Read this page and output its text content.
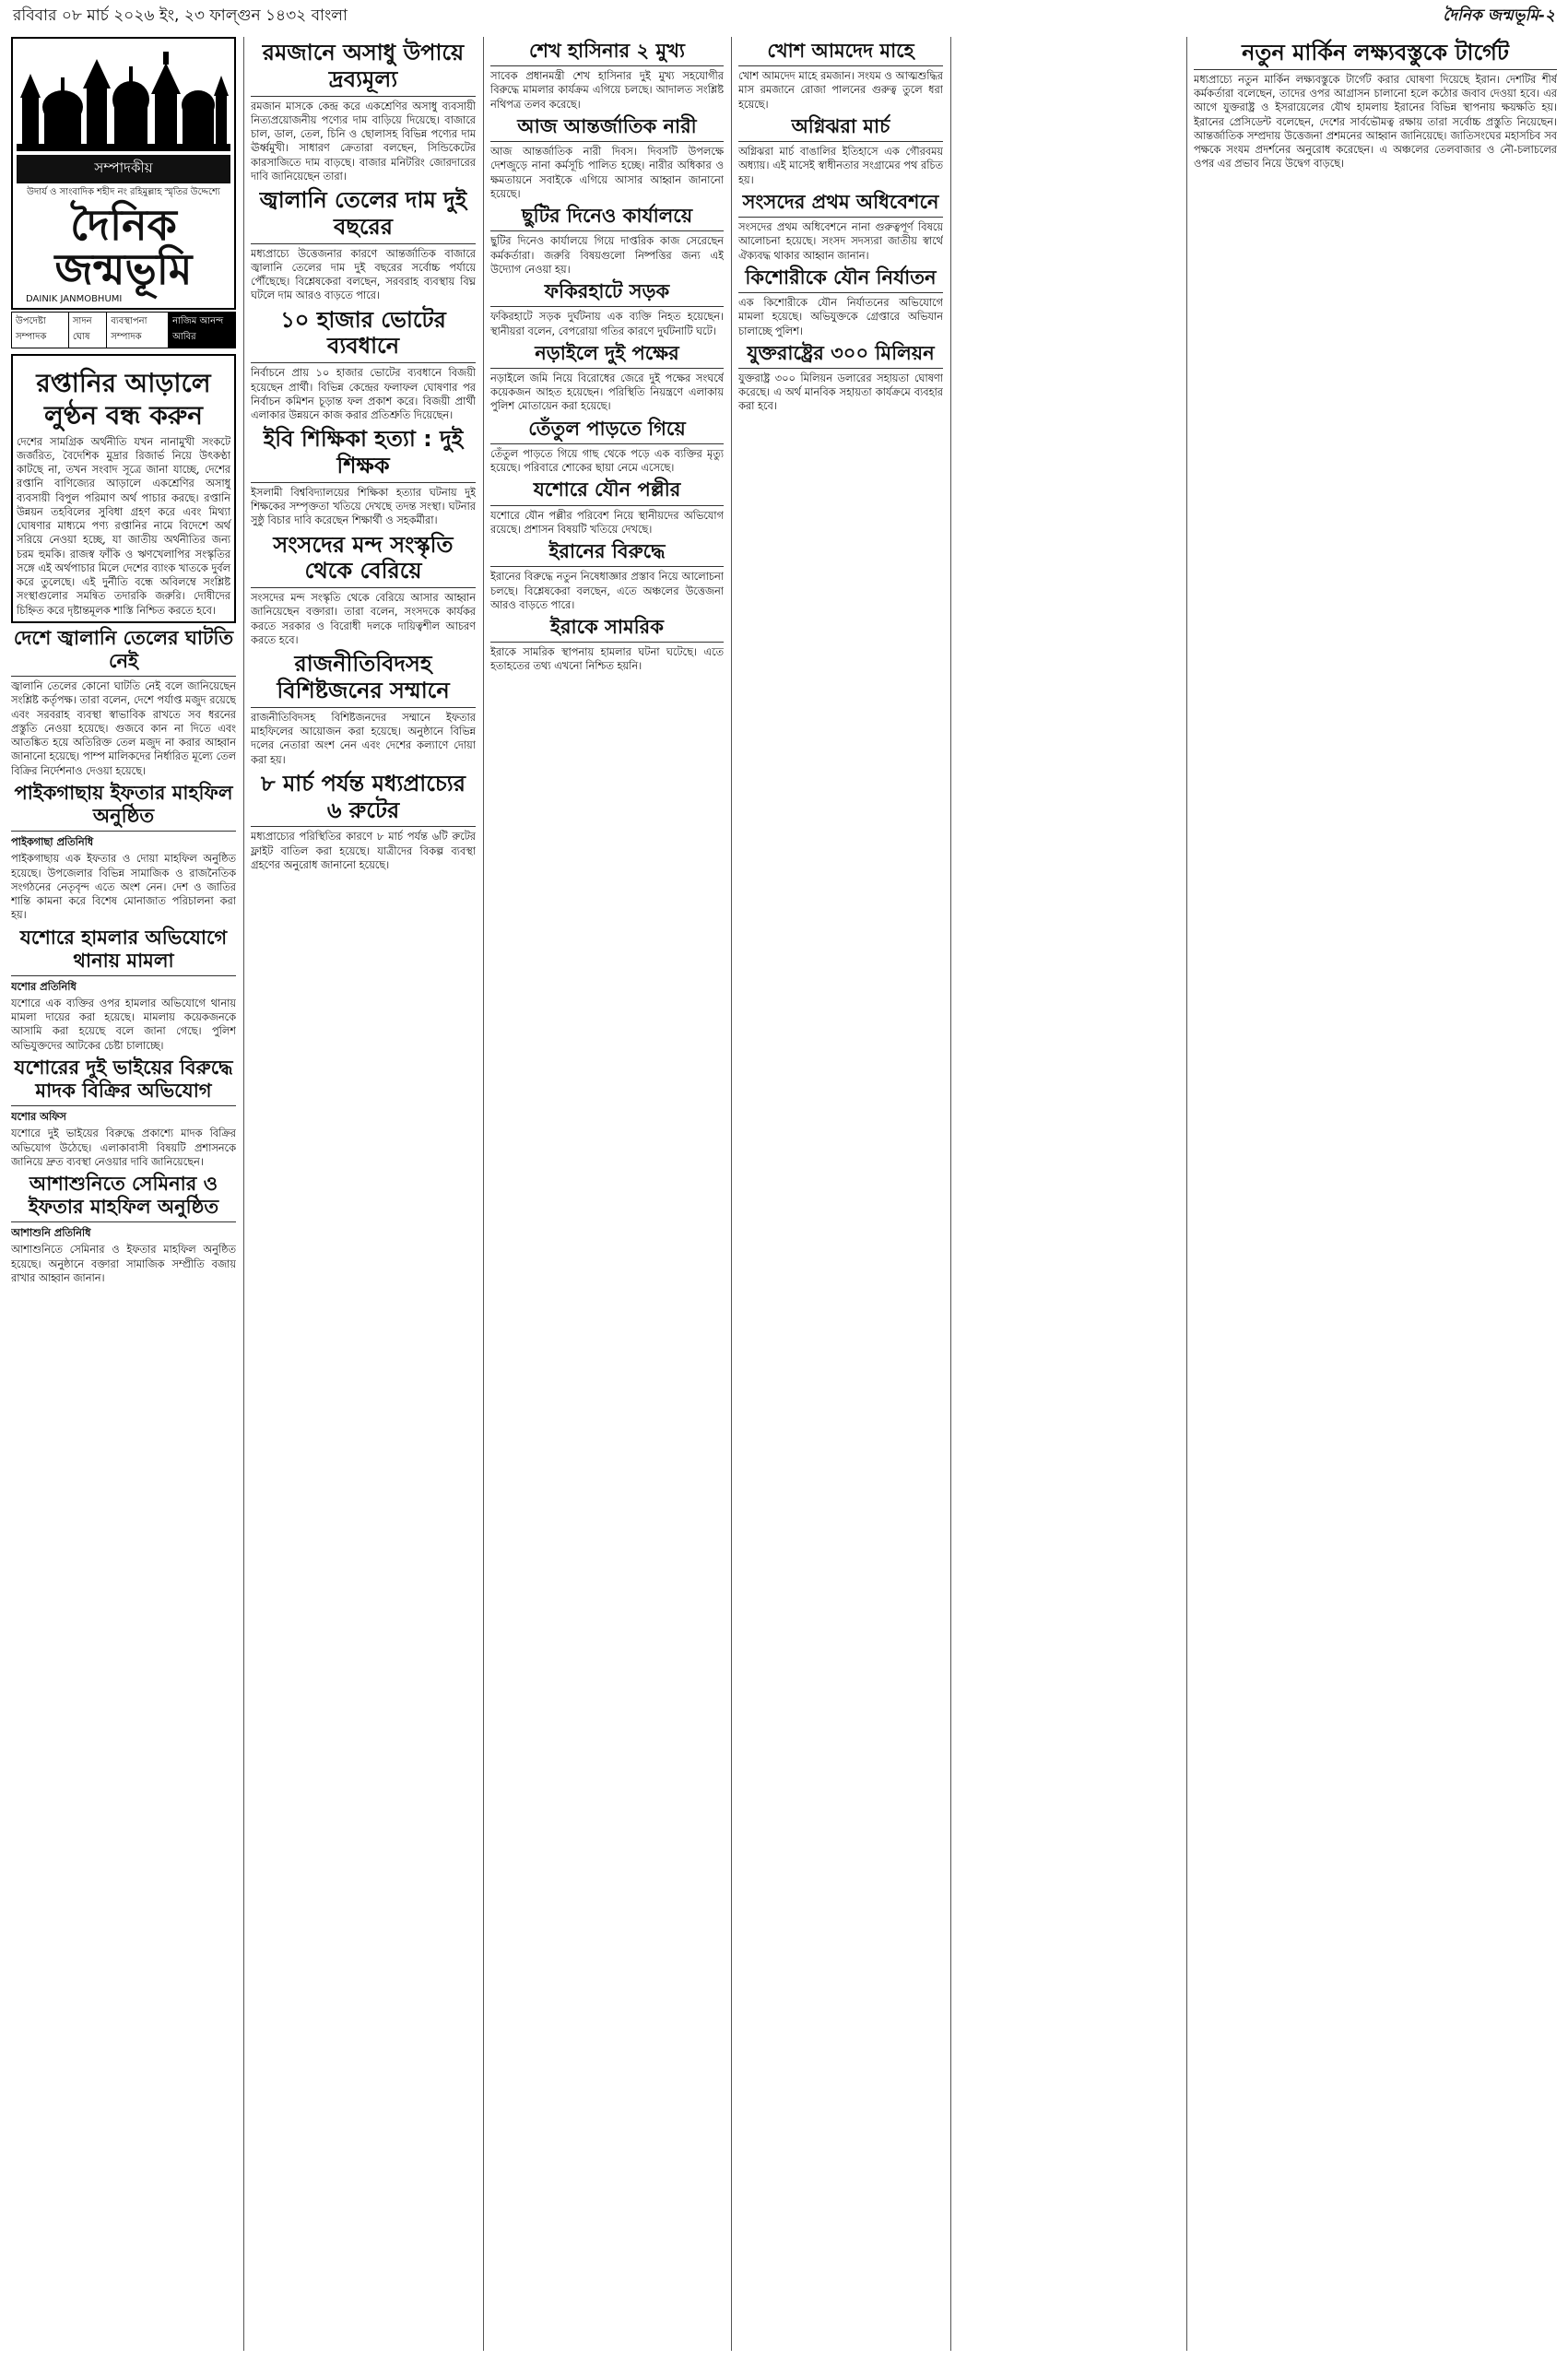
রবিবার ০৮ মার্চ ২০২৬ ইং, ২৩ ফাল্গুন ১৪৩২ বাংলা	দৈনিক জন্মভূমি-২
সম্পাদকীয়
উদার্য ও সাংবাদিক শহীদ নং রহিমুল্লাহ স্মৃতির উদ্দেশ্যে
দৈনিক জন্মভূমি
DAINIK JANMOBHUMI
উপদেষ্টা সম্পাদক
সাদন ঘোষ
ব্যবস্থাপনা সম্পাদক
নাজিম আনন্দ আবির
রপ্তানির আড়ালে লুণ্ঠন বন্ধ করুন

দেশের সামগ্রিক অর্থনীতি যখন নানামুখী সংকটে জর্জরিত, বৈদেশিক মুদ্রার রিজার্ভ নিয়ে উৎকণ্ঠা কাটছে না, তখন সংবাদ সূত্রে জানা যাচ্ছে, দেশের রপ্তানি বাণিজ্যের আড়ালে একশ্রেণির অসাধু ব্যবসায়ী বিপুল পরিমাণ অর্থ পাচার করছে। রপ্তানি উন্নয়ন তহবিলের সুবিধা গ্রহণ করে এবং মিথ্যা ঘোষণার মাধ্যমে পণ্য রপ্তানির নামে বিদেশে অর্থ সরিয়ে নেওয়া হচ্ছে, যা জাতীয় অর্থনীতির জন্য চরম হুমকি। রাজস্ব ফাঁকি ও ঋণখেলাপির সংস্কৃতির সঙ্গে এই অর্থপাচার মিলে দেশের ব্যাংক খাতকে দুর্বল করে তুলেছে। এই দুর্নীতি বন্ধে অবিলম্বে সংশ্লিষ্ট সংস্থাগুলোর সমন্বিত তদারকি জরুরি। দোষীদের চিহ্নিত করে দৃষ্টান্তমূলক শাস্তি নিশ্চিত করতে হবে।

দেশে জ্বালানি তেলের ঘাটতি নেই

জ্বালানি তেলের কোনো ঘাটতি নেই বলে জানিয়েছেন সংশ্লিষ্ট কর্তৃপক্ষ। তারা বলেন, দেশে পর্যাপ্ত মজুদ রয়েছে এবং সরবরাহ ব্যবস্থা স্বাভাবিক রাখতে সব ধরনের প্রস্তুতি নেওয়া হয়েছে। গুজবে কান না দিতে এবং আতঙ্কিত হয়ে অতিরিক্ত তেল মজুদ না করার আহ্বান জানানো হয়েছে। পাম্প মালিকদের নির্ধারিত মূল্যে তেল বিক্রির নির্দেশনাও দেওয়া হয়েছে।

পাইকগাছায় ইফতার মাহফিল অনুষ্ঠিত
পাইকগাছা প্রতিনিধি

পাইকগাছায় এক ইফতার ও দোয়া মাহফিল অনুষ্ঠিত হয়েছে। উপজেলার বিভিন্ন সামাজিক ও রাজনৈতিক সংগঠনের নেতৃবৃন্দ এতে অংশ নেন। দেশ ও জাতির শান্তি কামনা করে বিশেষ মোনাজাত পরিচালনা করা হয়।

যশোরে হামলার অভিযোগে থানায় মামলা
যশোর প্রতিনিধি

যশোরে এক ব্যক্তির ওপর হামলার অভিযোগে থানায় মামলা দায়ের করা হয়েছে। মামলায় কয়েকজনকে আসামি করা হয়েছে বলে জানা গেছে। পুলিশ অভিযুক্তদের আটকের চেষ্টা চালাচ্ছে।

যশোরের দুই ভাইয়ের বিরুদ্ধে মাদক বিক্রির অভিযোগ
যশোর অফিস

যশোরে দুই ভাইয়ের বিরুদ্ধে প্রকাশ্যে মাদক বিক্রির অভিযোগ উঠেছে। এলাকাবাসী বিষয়টি প্রশাসনকে জানিয়ে দ্রুত ব্যবস্থা নেওয়ার দাবি জানিয়েছেন।

আশাশুনিতে সেমিনার ও ইফতার মাহফিল অনুষ্ঠিত
আশাশুনি প্রতিনিধি

আশাশুনিতে সেমিনার ও ইফতার মাহফিল অনুষ্ঠিত হয়েছে। অনুষ্ঠানে বক্তারা সামাজিক সম্প্রীতি বজায় রাখার আহ্বান জানান।

রমজানে অসাধু উপায়ে দ্রব্যমূল্য

রমজান মাসকে কেন্দ্র করে একশ্রেণির অসাধু ব্যবসায়ী নিত্যপ্রয়োজনীয় পণ্যের দাম বাড়িয়ে দিয়েছে। বাজারে চাল, ডাল, তেল, চিনি ও ছোলাসহ বিভিন্ন পণ্যের দাম ঊর্ধ্বমুখী। সাধারণ ক্রেতারা বলছেন, সিন্ডিকেটের কারসাজিতে দাম বাড়ছে। বাজার মনিটরিং জোরদারের দাবি জানিয়েছেন তারা।

জ্বালানি তেলের দাম দুই বছরের

মধ্যপ্রাচ্যে উত্তেজনার কারণে আন্তর্জাতিক বাজারে জ্বালানি তেলের দাম দুই বছরের সর্বোচ্চ পর্যায়ে পৌঁছেছে। বিশ্লেষকেরা বলছেন, সরবরাহ ব্যবস্থায় বিঘ্ন ঘটলে দাম আরও বাড়তে পারে।

১০ হাজার ভোটের ব্যবধানে

নির্বাচনে প্রায় ১০ হাজার ভোটের ব্যবধানে বিজয়ী হয়েছেন প্রার্থী। বিভিন্ন কেন্দ্রের ফলাফল ঘোষণার পর নির্বাচন কমিশন চূড়ান্ত ফল প্রকাশ করে। বিজয়ী প্রার্থী এলাকার উন্নয়নে কাজ করার প্রতিশ্রুতি দিয়েছেন।

ইবি শিক্ষিকা হত্যা : দুই শিক্ষক

ইসলামী বিশ্ববিদ্যালয়ের শিক্ষিকা হত্যার ঘটনায় দুই শিক্ষকের সম্পৃক্ততা খতিয়ে দেখছে তদন্ত সংস্থা। ঘটনার সুষ্ঠু বিচার দাবি করেছেন শিক্ষার্থী ও সহকর্মীরা।

সংসদের মন্দ সংস্কৃতি থেকে বেরিয়ে

সংসদের মন্দ সংস্কৃতি থেকে বেরিয়ে আসার আহ্বান জানিয়েছেন বক্তারা। তারা বলেন, সংসদকে কার্যকর করতে সরকার ও বিরোধী দলকে দায়িত্বশীল আচরণ করতে হবে।

রাজনীতিবিদসহ বিশিষ্টজনের সম্মানে

রাজনীতিবিদসহ বিশিষ্টজনদের সম্মানে ইফতার মাহফিলের আয়োজন করা হয়েছে। অনুষ্ঠানে বিভিন্ন দলের নেতারা অংশ নেন এবং দেশের কল্যাণে দোয়া করা হয়।

৮ মার্চ পর্যন্ত মধ্যপ্রাচ্যের ৬ রুটের

মধ্যপ্রাচ্যের পরিস্থিতির কারণে ৮ মার্চ পর্যন্ত ৬টি রুটের ফ্লাইট বাতিল করা হয়েছে। যাত্রীদের বিকল্প ব্যবস্থা গ্রহণের অনুরোধ জানানো হয়েছে।

শেখ হাসিনার ২ মুখ্য

সাবেক প্রধানমন্ত্রী শেখ হাসিনার দুই মুখ্য সহযোগীর বিরুদ্ধে মামলার কার্যক্রম এগিয়ে চলছে। আদালত সংশ্লিষ্ট নথিপত্র তলব করেছে।

আজ আন্তর্জাতিক নারী

আজ আন্তর্জাতিক নারী দিবস। দিবসটি উপলক্ষে দেশজুড়ে নানা কর্মসূচি পালিত হচ্ছে। নারীর অধিকার ও ক্ষমতায়নে সবাইকে এগিয়ে আসার আহ্বান জানানো হয়েছে।

ছুটির দিনেও কার্যালয়ে

ছুটির দিনেও কার্যালয়ে গিয়ে দাপ্তরিক কাজ সেরেছেন কর্মকর্তারা। জরুরি বিষয়গুলো নিষ্পত্তির জন্য এই উদ্যোগ নেওয়া হয়।

ফকিরহাটে সড়ক

ফকিরহাটে সড়ক দুর্ঘটনায় এক ব্যক্তি নিহত হয়েছেন। স্থানীয়রা বলেন, বেপরোয়া গতির কারণে দুর্ঘটনাটি ঘটে।

নড়াইলে দুই পক্ষের

নড়াইলে জমি নিয়ে বিরোধের জেরে দুই পক্ষের সংঘর্ষে কয়েকজন আহত হয়েছেন। পরিস্থিতি নিয়ন্ত্রণে এলাকায় পুলিশ মোতায়েন করা হয়েছে।

তেঁতুল পাড়তে গিয়ে

তেঁতুল পাড়তে গিয়ে গাছ থেকে পড়ে এক ব্যক্তির মৃত্যু হয়েছে। পরিবারে শোকের ছায়া নেমে এসেছে।

যশোরে যৌন পল্লীর

যশোরে যৌন পল্লীর পরিবেশ নিয়ে স্থানীয়দের অভিযোগ রয়েছে। প্রশাসন বিষয়টি খতিয়ে দেখছে।

ইরানের বিরুদ্ধে

ইরানের বিরুদ্ধে নতুন নিষেধাজ্ঞার প্রস্তাব নিয়ে আলোচনা চলছে। বিশ্লেষকেরা বলছেন, এতে অঞ্চলের উত্তেজনা আরও বাড়তে পারে।

ইরাকে সামরিক

ইরাকে সামরিক স্থাপনায় হামলার ঘটনা ঘটেছে। এতে হতাহতের তথ্য এখনো নিশ্চিত হয়নি।

খোশ আমদেদ মাহে

খোশ আমদেদ মাহে রমজান। সংযম ও আত্মশুদ্ধির মাস রমজানে রোজা পালনের গুরুত্ব তুলে ধরা হয়েছে।

অগ্নিঝরা মার্চ

অগ্নিঝরা মার্চ বাঙালির ইতিহাসে এক গৌরবময় অধ্যায়। এই মাসেই স্বাধীনতার সংগ্রামের পথ রচিত হয়।

সংসদের প্রথম অধিবেশনে

সংসদের প্রথম অধিবেশনে নানা গুরুত্বপূর্ণ বিষয়ে আলোচনা হয়েছে। সংসদ সদস্যরা জাতীয় স্বার্থে ঐক্যবদ্ধ থাকার আহ্বান জানান।

কিশোরীকে যৌন নির্যাতন

এক কিশোরীকে যৌন নির্যাতনের অভিযোগে মামলা হয়েছে। অভিযুক্তকে গ্রেপ্তারে অভিযান চালাচ্ছে পুলিশ।

যুক্তরাষ্ট্রের ৩০০ মিলিয়ন

যুক্তরাষ্ট্র ৩০০ মিলিয়ন ডলারের সহায়তা ঘোষণা করেছে। এ অর্থ মানবিক সহায়তা কার্যক্রমে ব্যবহার করা হবে।

নতুন মার্কিন লক্ষ্যবস্তুকে টার্গেট

মধ্যপ্রাচ্যে নতুন মার্কিন লক্ষ্যবস্তুকে টার্গেট করার ঘোষণা দিয়েছে ইরান। দেশটির শীর্ষ কর্মকর্তারা বলেছেন, তাদের ওপর আগ্রাসন চালানো হলে কঠোর জবাব দেওয়া হবে। এর আগে যুক্তরাষ্ট্র ও ইসরায়েলের যৌথ হামলায় ইরানের বিভিন্ন স্থাপনায় ক্ষয়ক্ষতি হয়। ইরানের প্রেসিডেন্ট বলেছেন, দেশের সার্বভৌমত্ব রক্ষায় তারা সর্বোচ্চ প্রস্তুতি নিয়েছেন। আন্তর্জাতিক সম্প্রদায় উত্তেজনা প্রশমনের আহ্বান জানিয়েছে। জাতিসংঘের মহাসচিব সব পক্ষকে সংযম প্রদর্শনের অনুরোধ করেছেন। এ অঞ্চলের তেলবাজার ও নৌ-চলাচলের ওপর এর প্রভাব নিয়ে উদ্বেগ বাড়ছে।
